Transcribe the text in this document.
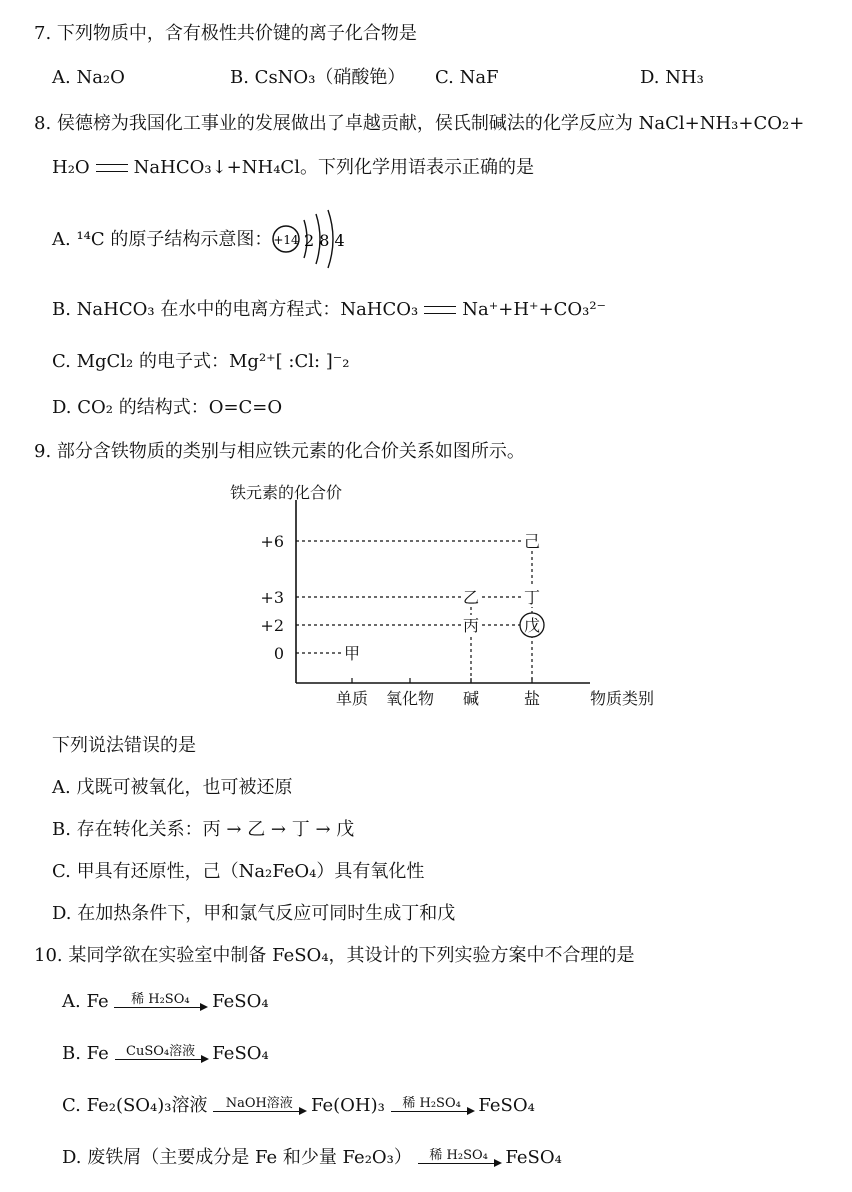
7. 下列物质中，含有极性共价键的离子化合物是
A. Na₂O	B. CsNO₃（硝酸铯） C. NaF	D. NH₃
8. 侯德榜为我国化工事业的发展做出了卓越贡献，侯氏制碱法的化学反应为 NaCl+NH₃+CO₂+
H₂O NaHCO₃↓+NH₄Cl。下列化学用语表示正确的是
A. ¹⁴C 的原子结构示意图： +14 2 8 4
B. NaHCO₃ 在水中的电离方程式：NaHCO₃ Na⁺+H⁺+CO₃²⁻
C. MgCl₂ 的电子式：Mg²⁺[ :Cl: ]⁻₂
D. CO₂ 的结构式：O=C=O
9. 部分含铁物质的类别与相应铁元素的化合价关系如图所示。
铁元素的化合价
物质类别
+6
+3
+2
0
单质 氧化物 碱	盐
甲
乙
丙
丁
戊
己
下列说法错误的是
A. 戊既可被氧化，也可被还原
B. 存在转化关系：丙 → 乙 → 丁 → 戊
C. 甲具有还原性，己（Na₂FeO₄）具有氧化性
D. 在加热条件下，甲和氯气反应可同时生成丁和戊
10. 某同学欲在实验室中制备 FeSO₄，其设计的下列实验方案中不合理的是
A. Fe	稀 H₂SO₄	FeSO₄
B. Fe	CuSO₄溶液 FeSO₄
C. Fe₂(SO₄)₃溶液	NaOH溶液	Fe(OH)₃	稀 H₂SO₄ FeSO₄
D. 废铁屑（主要成分是 Fe 和少量 Fe₂O₃）	稀 H₂SO₄ FeSO₄
